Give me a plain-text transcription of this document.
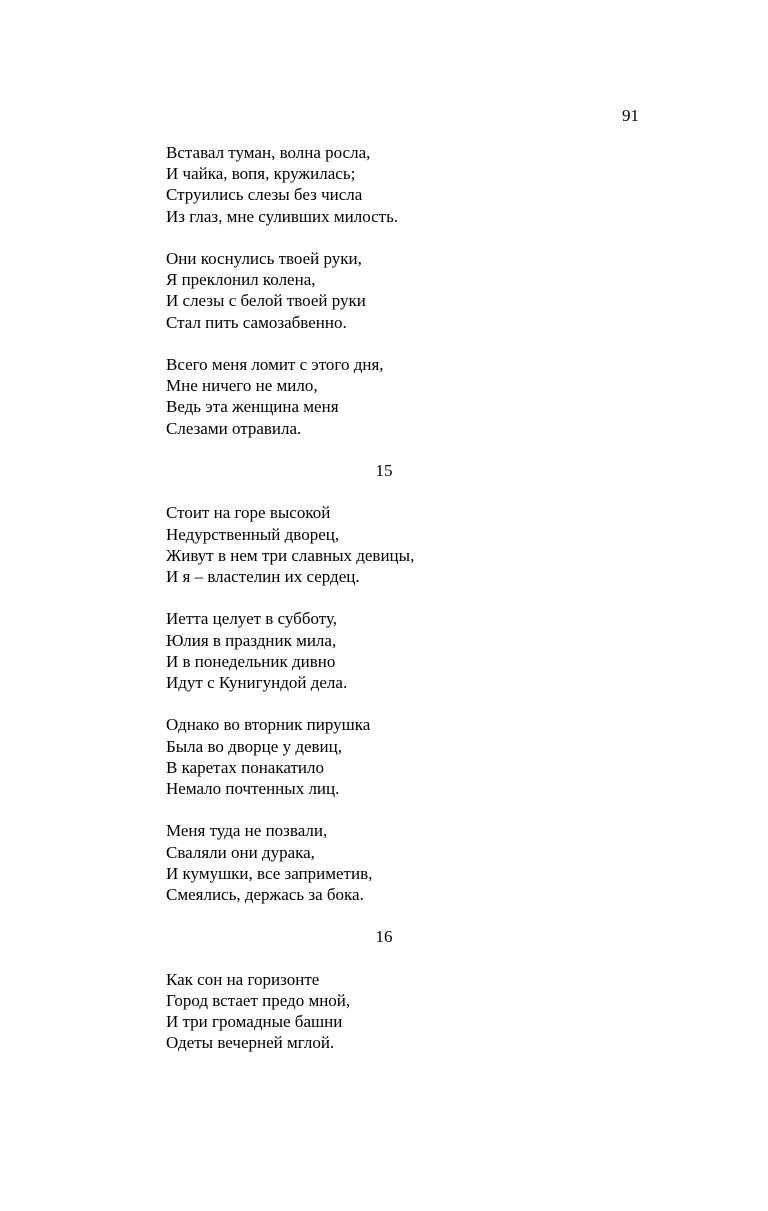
91
Вставал туман, волна росла,
И чайка, вопя, кружилась;
Струились слезы без числа
Из глаз, мне суливших милость.
Они коснулись твоей руки,
Я преклонил колена,
И слезы с белой твоей руки
Стал пить самозабвенно.
Всего меня ломит с этого дня,
Мне ничего не мило,
Ведь эта женщина меня
Слезами отравила.
15
Стоит на горе высокой
Недурственный дворец,
Живут в нем три славных девицы,
И я – властелин их сердец.
Иетта целует в субботу,
Юлия в праздник мила,
И в понедельник дивно
Идут с Кунигундой дела.
Однако во вторник пирушка
Была во дворце у девиц,
В каретах понакатило
Немало почтенных лиц.
Меня туда не позвали,
Сваляли они дурака,
И кумушки, все заприметив,
Смеялись, держась за бока.
16
Как сон на горизонте
Город встает предо мной,
И три громадные башни
Одеты вечерней мглой.
